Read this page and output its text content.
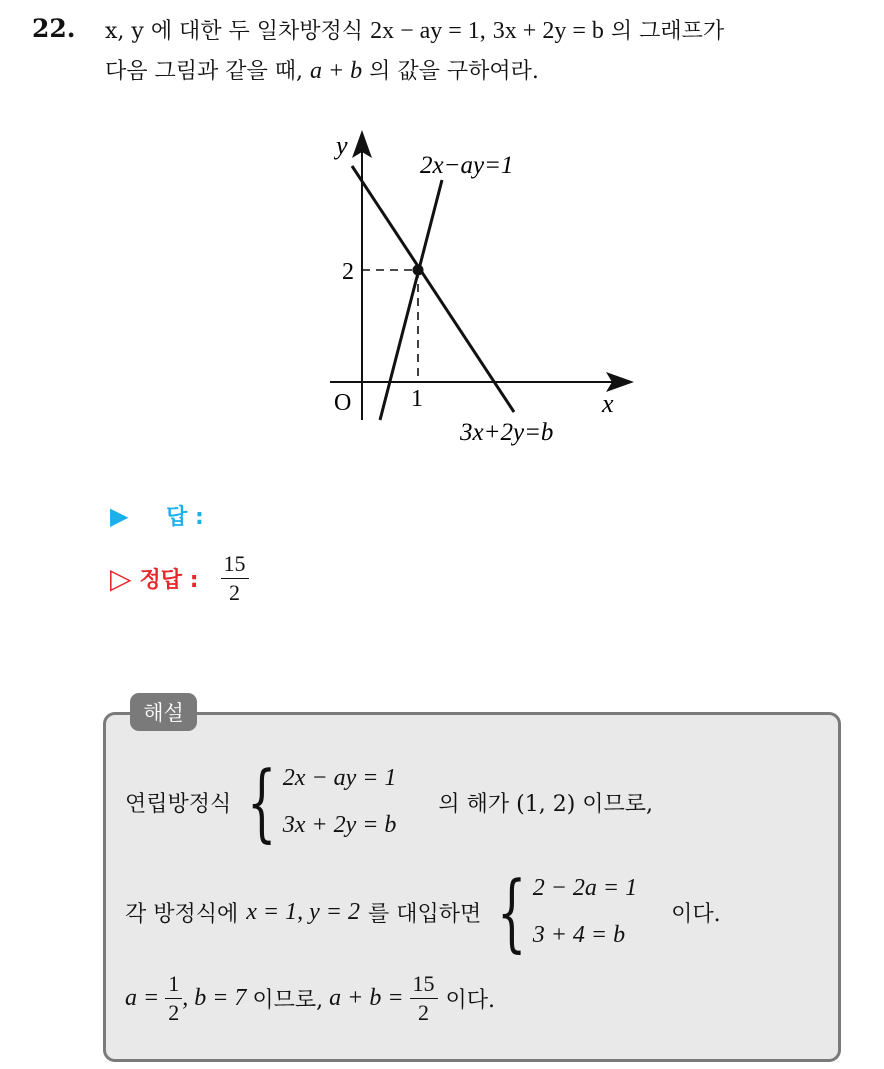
22. x, y 에 대한 두 일차방정식 2x − ay = 1, 3x + 2y = b 의 그래프가
다음 그림과 같을 때, a + b 의 값을 구하여라.
y
x
O 1
2
2x−ay=1
3x+2y=b
▶ 답 :
▷ 정답 : $\frac{15}{2}$
해설
연립방정식 { 2x − ay = 1
3x + 2y = b
의 해가 (1, 2) 이므로,
각 방정식에 x = 1, y = 2 를 대입하면 { 2 − 2a = 1
3 + 4 = b
이다.
$a = \frac{1}{2}$ , b = 7 이므로, $a + b = \frac{15}{2}$ 이다.
